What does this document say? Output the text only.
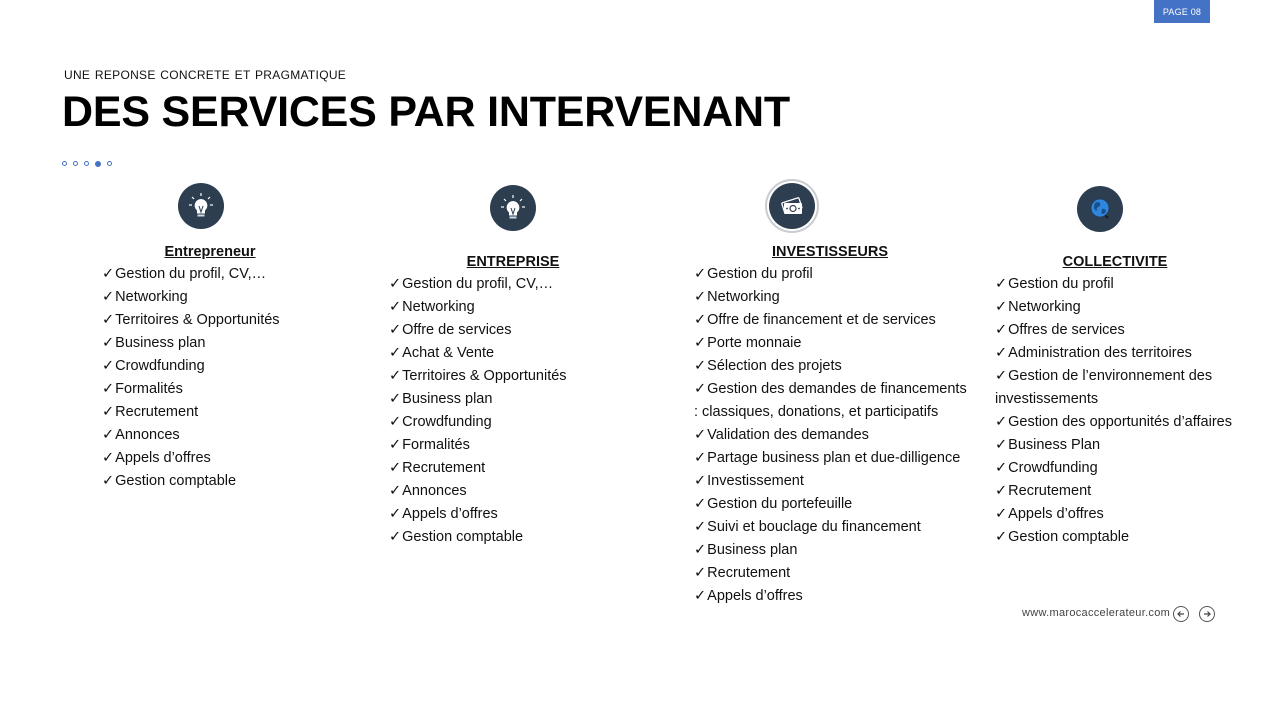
PAGE 08
UNE REPONSE CONCRETE ET PRAGMATIQUE
DES SERVICES PAR INTERVENANT
Entrepreneur
✓ Gestion du profil, CV,…
✓ Networking
✓ Territoires & Opportunités
✓ Business plan
✓ Crowdfunding
✓ Formalités
✓ Recrutement
✓ Annonces
✓ Appels d’offres
✓ Gestion comptable
ENTREPRISE
✓ Gestion du profil, CV,…
✓ Networking
✓ Offre de services
✓ Achat & Vente
✓ Territoires & Opportunités
✓ Business plan
✓ Crowdfunding
✓ Formalités
✓ Recrutement
✓ Annonces
✓ Appels d’offres
✓ Gestion comptable
INVESTISSEURS
✓ Gestion du profil
✓ Networking
✓ Offre de financement et de services
✓ Porte monnaie
✓ Sélection des projets
✓ Gestion des demandes de financements : classiques, donations, et participatifs
✓ Validation des demandes
✓ Partage business plan et due-dilligence
✓ Investissement
✓ Gestion du portefeuille
✓ Suivi et bouclage du financement
✓ Business plan
✓ Recrutement
✓ Appels d’offres
COLLECTIVITE
✓ Gestion du profil
✓ Networking
✓ Offres de services
✓ Administration des territoires
✓ Gestion de l’environnement des investissements
✓ Gestion des opportunités d’affaires
✓ Business Plan
✓ Crowdfunding
✓ Recrutement
✓ Appels d’offres
✓ Gestion comptable
www.marocaccelerateur.com
